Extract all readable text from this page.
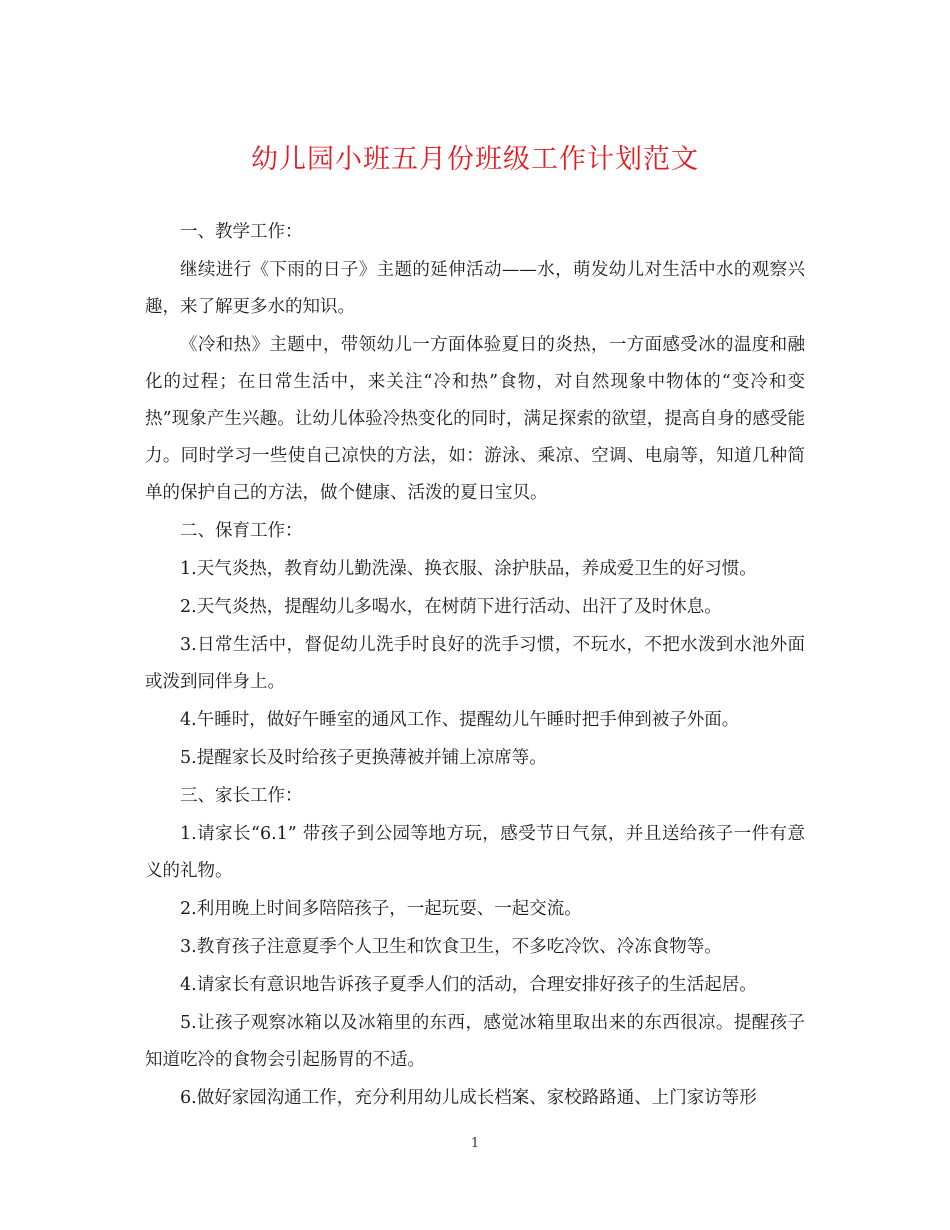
幼儿园小班五月份班级工作计划范文

一、教学工作：

继续进行《下雨的日子》主题的延伸活动——水，萌发幼儿对生活中水的观察兴趣，来了解更多水的知识。

《冷和热》主题中，带领幼儿一方面体验夏日的炎热，一方面感受冰的温度和融化的过程；在日常生活中，来关注“冷和热”食物，对自然现象中物体的“变冷和变热”现象产生兴趣。让幼儿体验冷热变化的同时，满足探索的欲望，提高自身的感受能力。同时学习一些使自己凉快的方法，如：游泳、乘凉、空调、电扇等，知道几种简单的保护自己的方法，做个健康、活泼的夏日宝贝。

二、保育工作：

1.天气炎热，教育幼儿勤洗澡、换衣服、涂护肤品，养成爱卫生的好习惯。

2.天气炎热，提醒幼儿多喝水，在树荫下进行活动、出汗了及时休息。

3.日常生活中，督促幼儿洗手时良好的洗手习惯，不玩水，不把水泼到水池外面或泼到同伴身上。

4.午睡时，做好午睡室的通风工作、提醒幼儿午睡时把手伸到被子外面。

5.提醒家长及时给孩子更换薄被并铺上凉席等。

三、家长工作：

1.请家长“6.1” 带孩子到公园等地方玩，感受节日气氛，并且送给孩子一件有意义的礼物。

2.利用晚上时间多陪陪孩子，一起玩耍、一起交流。

3.教育孩子注意夏季个人卫生和饮食卫生，不多吃冷饮、冷冻食物等。

4.请家长有意识地告诉孩子夏季人们的活动，合理安排好孩子的生活起居。

5.让孩子观察冰箱以及冰箱里的东西，感觉冰箱里取出来的东西很凉。提醒孩子知道吃冷的食物会引起肠胃的不适。

6.做好家园沟通工作，充分利用幼儿成长档案、家校路路通、上门家访等形

1
